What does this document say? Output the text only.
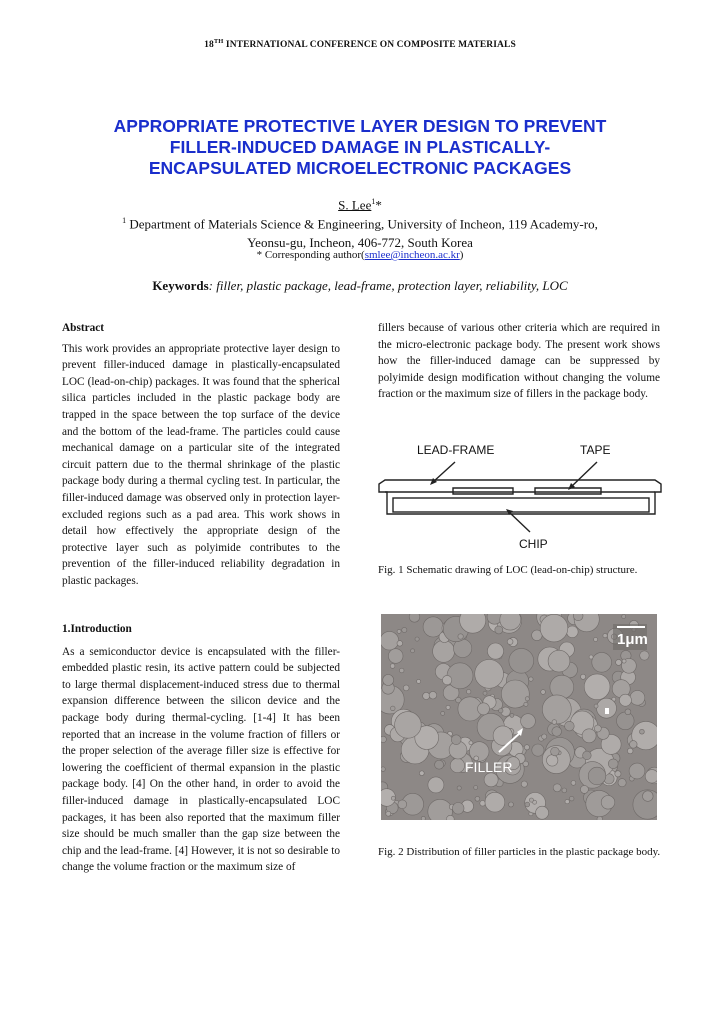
18TH INTERNATIONAL CONFERENCE ON COMPOSITE MATERIALS
APPROPRIATE PROTECTIVE LAYER DESIGN TO PREVENT
FILLER-INDUCED DAMAGE IN PLASTICALLY-
ENCAPSULATED MICROELECTRONIC PACKAGES
S. Lee$^1$*
$^1$ Department of Materials Science & Engineering, University of Incheon, 119 Academy-ro,
Yeonsu-gu, Incheon, 406-772, South Korea
* Corresponding author(smlee@incheon.ac.kr)
Keywords: filler, plastic package, lead-frame, protection layer, reliability, LOC
Abstract

This work provides an appropriate protective layer design to prevent filler-induced damage in plastically-encapsulated LOC (lead-on-chip) packages. It was found that the spherical silica particles included in the plastic package body are trapped in the space between the top surface of the device and the bottom of the lead-frame. The particles could cause mechanical damage on a particular site of the integrated circuit pattern due to the thermal shrinkage of the plastic package body during a thermal cycling test. In particular, the filler-induced damage was observed only in protection layer-excluded regions such as a pad area. This work shows in detail how effectively the appropriate design of the protective layer such as polyimide contributes to the prevention of the filler-induced reliability degradation in plastic packages.

1.Introduction

As a semiconductor device is encapsulated with the filler-embedded plastic resin, its active pattern could be subjected to large thermal displacement-induced stress due to thermal expansion difference between the silicon device and the package body during thermal-cycling. [1-4] It has been reported that an increase in the volume fraction of fillers or the proper selection of the average filler size is effective for lowering the coefficient of thermal expansion in the plastic package body. [4] On the other hand, in order to avoid the filler-induced damage in plastically-encapsulated LOC packages, it has been also reported that the maximum filler size should be much smaller than the gap size between the chip and the lead-frame. [4] However, it is not so desirable to change the volume fraction or the maximum size of

fillers because of various other criteria which are required in the micro-electronic package body. The present work shows how the filler-induced damage can be suppressed by polyimide design modification without changing the volume fraction or the maximum size of fillers in the package body.

LEAD-FRAME	TAPE
CHIP
Fig. 1 Schematic drawing of LOC (lead-on-chip) structure.
1μm
FILLER
Fig. 2 Distribution of filler particles in the plastic package body.
